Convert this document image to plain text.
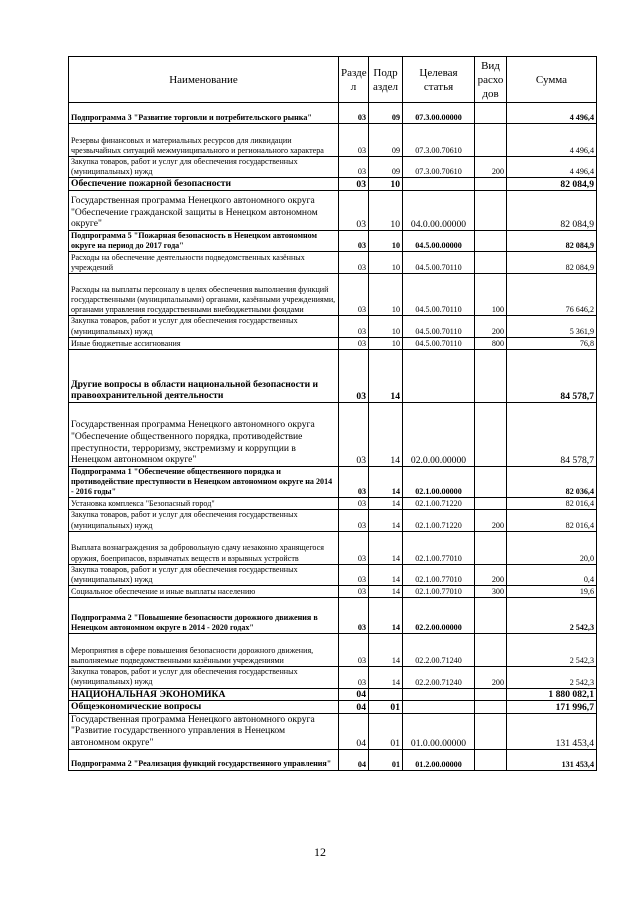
Наименование	Разде л	Подр аздел	Целевая статья	Вид расхо дов	Сумма
Подпрограмма 3 "Развитие торговли и потребительского рынка"	03	09	07.3.00.00000		4 496,4
Резервы финансовых и материальных ресурсов для ликвидации чрезвычайных ситуаций межмуниципального и регионального характера	03	09	07.3.00.70610		4 496,4
Закупка товаров, работ и услуг для обеспечения государственных (муниципальных) нужд	03	09	07.3.00.70610	200	4 496,4
Обеспечение пожарной безопасности	03	10			82 084,9
Государственная программа Ненецкого автономного округа "Обеспечение гражданской защиты в Ненецком автономном округе"	03	10	04.0.00.00000		82 084,9
Подпрограмма 5 "Пожарная безопасность в Ненецком автономном округе на период до 2017 года"	03	10	04.5.00.00000		82 084,9
Расходы на обеспечение деятельности подведомственных казённых учреждений	03	10	04.5.00.70110		82 084,9
Расходы на выплаты персоналу в целях обеспечения выполнения функций государственными (муниципальными) органами, казёнными учреждениями, органами управления государственными внебюджетными фондами	03	10	04.5.00.70110	100	76 646,2
Закупка товаров, работ и услуг для обеспечения государственных (муниципальных) нужд	03	10	04.5.00.70110	200	5 361,9
Иные бюджетные ассигнования	03	10	04.5.00.70110	800	76,8
Другие вопросы в области национальной безопасности и правоохранительной деятельности	03	14			84 578,7
Государственная программа Ненецкого автономного округа "Обеспечение общественного порядка, противодействие преступности, терроризму, экстремизму и коррупции в Ненецком автономном округе"	03	14	02.0.00.00000		84 578,7
Подпрограмма 1 "Обеспечение общественного порядка и противодействие преступности в Ненецком автономном округе на 2014 - 2016 годы"	03	14	02.1.00.00000		82 036,4
Установка комплекса "Безопасный город"	03	14	02.1.00.71220		82 016,4
Закупка товаров, работ и услуг для обеспечения государственных (муниципальных) нужд	03	14	02.1.00.71220	200	82 016,4
Выплата вознаграждения за добровольную сдачу незаконно хранящегося оружия, боеприпасов, взрывчатых веществ и взрывных устройств	03	14	02.1.00.77010		20,0
Закупка товаров, работ и услуг для обеспечения государственных (муниципальных) нужд	03	14	02.1.00.77010	200	0,4
Социальное обеспечение и иные выплаты населению	03	14	02.1.00.77010	300	19,6
Подпрограмма 2 "Повышение безопасности дорожного движения в Ненецком автономном округе в 2014 - 2020 годах"	03	14	02.2.00.00000		2 542,3
Мероприятия в сфере повышения безопасности дорожного движения, выполняемые подведомственными казёнными учреждениями	03	14	02.2.00.71240		2 542,3
Закупка товаров, работ и услуг для обеспечения государственных (муниципальных) нужд	03	14	02.2.00.71240	200	2 542,3
НАЦИОНАЛЬНАЯ ЭКОНОМИКА	04				1 880 082,1
Общеэкономические вопросы	04	01			171 996,7
Государственная программа Ненецкого автономного округа "Развитие государственного управления в Ненецком автономном округе"	04	01	01.0.00.00000		131 453,4
Подпрограмма 2 "Реализация функций государственного управления"	04	01	01.2.00.00000		131 453,4
12
